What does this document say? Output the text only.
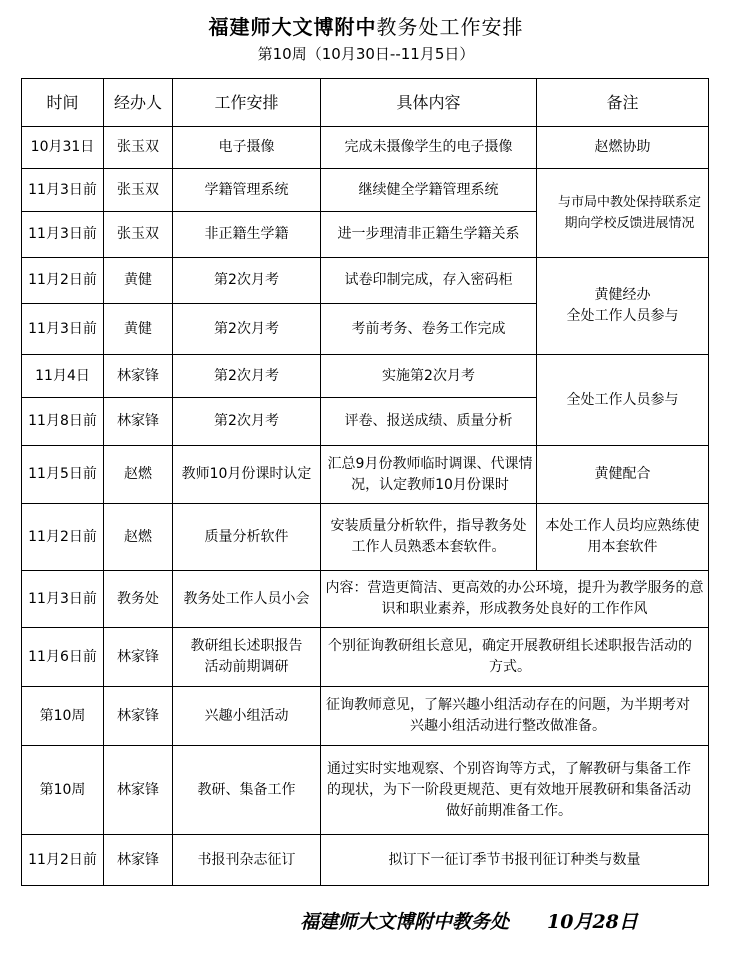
福建师大文博附中教务处工作安排
第10周（10月30日--11月5日）
时间	经办人	工作安排	具体内容	备注
10月31日	张玉双	电子摄像	完成未摄像学生的电子摄像	赵燃协助
11月3日前	张玉双	学籍管理系统	继续健全学籍管理系统	与市局中教处保持联系定期向学校反馈进展情况
11月3日前	张玉双	非正籍生学籍	进一步理清非正籍生学籍关系	
11月2日前	黄健	第2次月考	试卷印制完成，存入密码柜	黄健经办
全处工作人员参与
11月3日前	黄健	第2次月考	考前考务、卷务工作完成	
11月4日	林家锋	第2次月考	实施第2次月考	全处工作人员参与
11月8日前	林家锋	第2次月考	评卷、报送成绩、质量分析	
11月5日前	赵燃	教师10月份课时认定	汇总9月份教师临时调课、代课情况，认定教师10月份课时	黄健配合
11月2日前	赵燃	质量分析软件	安装质量分析软件，指导教务处工作人员熟悉本套软件。	本处工作人员均应熟练使用本套软件
11月3日前	教务处	教务处工作人员小会	内容：营造更简洁、更高效的办公环境，提升为教学服务的意识和职业素养，形成教务处良好的工作作风	
11月6日前	林家锋	教研组长述职报告活动前期调研	个别征询教研组长意见，确定开展教研组长述职报告活动的方式。	
第10周	林家锋	兴趣小组活动	征询教师意见，了解兴趣小组活动存在的问题，为半期考对兴趣小组活动进行整改做准备。	
第10周	林家锋	教研、集备工作	通过实时实地观察、个别咨询等方式，了解教研与集备工作的现状，为下一阶段更规范、更有效地开展教研和集备活动做好前期准备工作。	
11月2日前	林家锋	书报刊杂志征订	拟订下一征订季节书报刊征订种类与数量	
福建师大文博附中教务处 10月28日
